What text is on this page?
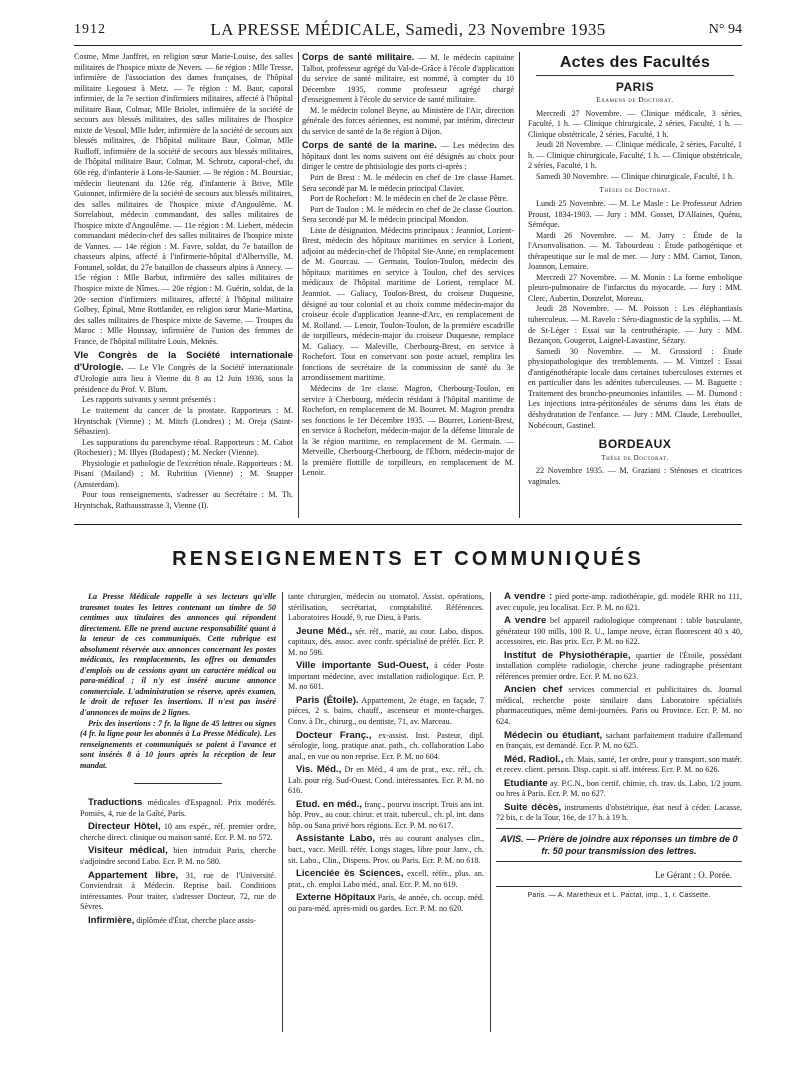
1912	LA PRESSE MÉDICALE, Samedi, 23 Novembre 1935	N° 94

Cosme, Mme Janffret, en religion sœur Marie-Louise, des salles militaires de l'hospice mixte de Nevers. — 6e région : Mlle Tresse, infirmière de l'association des dames françaises, de l'hôpital militaire Legouest à Metz. — 7e région : M. Baur, caporal infirmier, de la 7e section d'infirmiers militaires, affecté à l'hôpital militaire Baur, Colmar, Mlle Briolet, infirmière de la société de secours aux blessés militaires, des salles militaires de l'hospice mixte de Vesoul, Mlle Isder, infirmière de la société de secours aux blessés militaires, de l'hôpital militaire Baur, Colmar, Mlle Rudloff, infirmière de la société de secours aux blessés militaires, de l'hôpital militaire Baur, Colmar, M. Schrotz, caporal-chef, du 60e rég. d'infanterie à Lons-le-Saunier. — 9e région : M. Boursiac, médecin lieutenant du 126e rég. d'infanterie à Brive, Mlle Guionnet, infirmière de la société de secours aux blessés militaires, des salles militaires de l'hospice mixte d'Angoulême. M. Sorrelabout, médecin commandant, des salles militaires de l'hospice mixte d'Angoulême. — 11e région : M. Liebert, médecin commandant médecin-chef des salles militaires de l'hospice mixte de Vannes. — 14e région : M. Favre, soldat, du 7e bataillon de chasseurs alpins, affecté à l'infirmerie-hôpital d'Albertville, M. Fontanel, soldat, du 27e bataillon de chasseurs alpins à Annecy. — 15e région : Mlle Barbut, infirmière des salles militaires de l'hospice mixte de Nîmes. — 20e région : M. Guérin, soldat, de la 20e section d'infirmiers militaires, affecté à l'hôpital militaire Golbey, Épinal, Mme Rottlander, en religion sœur Marie-Martina, des salles militaires de l'hospice mixte de Saverne. — Troupes du Maroc : Mlle Houssay, infirmière de l'union des femmes de France, de l'hôpital militaire Louis, Meknès.

VIe Congrès de la Société internationale d'Urologie. — Le VIe Congrès de la Société internationale d'Urologie aura lieu à Vienne du 8 au 12 Juin 1936, sous la présidence du Prof. V. Blum.

Les rapports suivants y seront présentés :

Le traitement du cancer de la prostate. Rapporteurs : M. Hryntschak (Vienne) ; M. Mitch (Londres) ; M. Oreja (Saint-Sébastien).

Les suppurations du parenchyme rénal. Rapporteurs : M. Cabot (Rochester) ; M. Illyes (Budapest) ; M. Necker (Vienne).

Physiologie et pathologie de l'excrétion rénale. Rapporteurs : M. Pisani (Mailand) ; M. Rubritius (Vienne) ; M. Snapper (Amsterdam).

Pour tous renseignements, s'adresser au Secrétaire : M. Th. Hryntschak, Rathausstrasse 3, Vienne (I).

Corps de santé militaire. — M. le médecin capitaine Talbot, professeur agrégé du Val-de-Grâce à l'école d'application du service de santé militaire, est nommé, à compter du 10 Décembre 1935, comme professeur agrégé chargé d'enseignement à l'école du service de santé militaire.

M. le médecin colonel Beyne, au Ministère de l'Air, direction générale des forces aériennes, est nommé, par intérim, directeur du service de santé de la 8e région à Dijon.

Corps de santé de la marine. — Les médecins des hôpitaux dont les noms suivent ont été désignés au choix pour diriger le centre de phtisiologie des ports ci-après :

Port de Brest : M. le médecin en chef de 1re classe Hamet. Sera secondé par M. le médecin principal Clavier.

Port de Rochefort : M. le médecin en chef de 2e classe Pêtre.

Port de Toulon : M. le médecin en chef de 2e classe Gourion. Sera secondé par M. le médecin principal Mondon.

Liste de désignation. Médecins principaux : Jeanniot, Lorient-Brest, médecin des hôpitaux maritimes en service à Lorient, adjoint au médecin-chef de l'hôpital Ste-Anne, en remplacement de M. Gourcau. — Germain, Toulon-Toulon, médecin des hôpitaux maritimes en service à Toulon, chef des services médicaux de l'hôpital maritime de Lorient, remplace M. Jeanniot. — Galiacy, Toulon-Brest, du croiseur Duquesne, désigné au tour colonial et au choix comme médecin-major du croiseur école d'application Jeanne-d'Arc, en remplacement de M. Rolland. — Lenoir, Toulon-Toulon, de la première escadrille de torpilleurs, médecin-major du croiseur Duquesne, remplace M. Galiacy. — Maleville, Cherbourg-Brest, en service à Rochefort. Tout en conservant son poste actuel, remplira les fonctions de secrétaire de la commission de santé du 3e arrondissement maritime.

Médecins de 1re classe. Magron, Cherbourg-Toulon, en service à Cherbourg, médecin résidant à l'hôpital maritime de Rochefort, en remplacement de M. Bourret. M. Magron prendra ses fonctions le 1er Décembre 1935. — Bourret, Lorient-Brest, en service à Rochefort, médecin-major de la défense littorale de la 3e région maritime, en remplacement de M. Germain. — Merveille, Cherbourg-Cherbourg, de l'Éborn, médecin-major de la première flottille de torpilleurs, en remplacement de M. Lenoir.

Actes des Facultés
PARIS
Examens de Doctorat.

Mercredi 27 Novembre. — Clinique médicale, 3 séries, Faculté, 1 h. — Clinique chirurgicale, 2 séries, Faculté, 1 h. — Clinique obstétricale, 2 séries, Faculté, 1 h.

Jeudi 28 Novembre. — Clinique médicale, 2 séries, Faculté, 1 h. — Clinique chirurgicale, Faculté, 1 h. — Clinique obstétricale, 2 séries, Faculté, 1 h.

Samedi 30 Novembre. — Clinique chirurgicale, Faculté, 1 h.

Thèses de Doctorat.

Lundi 25 Novembre. — M. Le Masle : Le Professeur Adrien Proust, 1834-1903. — Jury : MM. Gosset, D'Allaines, Quénu, Séméque.

Mardi 26 Novembre. — M. Jarry : Étude de la l'Arsonvalisation. — M. Tabourdeau : Étude pathogénique et thérapeutique sur le mal de mer. — Jury : MM. Carnot, Tanon, Joannon, Lemaire.

Mercredi 27 Novembre. — M. Monin : La forme embolique pleuro-pulmonaire de l'infarctus du myocarde. — Jury : MM. Clerc, Aubertin, Donzelot, Moreau.

Jeudi 28 Novembre. — M. Poisson : Les éléphantiasis tuberculeux. — M. Ravelo : Séro-diagnostic de la syphilis. — M. de St-Léger : Essai sur la centrothérapie. — Jury : MM. Bezançon, Gougerot, Laignel-Lavastine, Sézary.

Samedi 30 Novembre. — M. Grossiord : Étude physiopathologique des tremblements. — M. Vintzel : Essai d'antigénothérapie locale dans certaines tuberculoses externes et en particulier dans les adénites tuberculeuses. — M. Baguette : Traitement des broncho-pneumonies infantiles. — M. Dumond : Les injections intra-péritonéales de sérums dans les états de déshydratation de l'enfance. — Jury : MM. Claude, Lereboullet, Nobécourt, Gastinel.

BORDEAUX
Thèse de Doctorat.

22 Novembre 1935. — M. Graziani : Sténoses et cicatrices vaginales.

RENSEIGNEMENTS ET COMMUNIQUÉS

La Presse Médicale rappelle à ses lecteurs qu'elle transmet toutes les lettres contenant un timbre de 50 centimes aux titulaires des annonces qui répondent directement. Elle ne prend aucune responsabilité quant à la teneur de ces communiqués. Cette rubrique est absolument réservée aux annonces concernant les postes médicaux, les remplacements, les offres ou demandes d'emplois ou de cessions ayant un caractère médical ou para-médical ; il n'y est inséré aucune annonce commerciale. L'administration se réserve, après examen, le droit de refuser les insertions. Il n'est pas inséré d'annonces de moins de 2 lignes.

Prix des insertions : 7 fr. la ligne de 45 lettres ou signes (4 fr. la ligne pour les abonnés à La Presse Médicale). Les renseignements et communiqués se paient à l'avance et sont insérés 8 à 10 jours après la réception de leur mandat.

Traductions médicales d'Espagnol. Prix modérés. Pomiès, 4, rue de la Gaîté, Paris.

Directeur Hôtel, 10 ans expér., réf. premier ordre, cherche direct. clinique ou maison santé. Ecr. P. M. no 572.

Visiteur médical, bien introduit Paris, cherche s'adjoindre second Labo. Ecr. P. M. no 580.

Appartement libre, 31, rue de l'Université. Conviendrait à Médecin. Reprise bail. Conditions intéressantes. Pour traiter, s'adresser Docteur, 72, rue de Sèvres.

Infirmière, diplômée d'État, cherche place assis-

tante chirurgien, médecin ou stomatol. Assist. opérations, stérilisation, secrétariat, comptabilité. Références. Laboratoires Houdé, 9, rue Dieu, à Paris.

Jeune Méd., sér. réf., marié, au cour. Labo, dispos. capitaux, dés. assoc. avec confr. spécialisé de préfér. Ecr. P. M. no 596.

Ville importante Sud-Ouest, à céder Poste important médecine, avec installation radiologique. Ecr. P. M. no 601.

Paris (Étoile). Appartement, 2e étage, en façade, 7 pièces, 2 s. bains, chauff., ascenseur et monte-charges. Conv. à Dr., chirurg., ou dentiste, 71, av. Marceau.

Docteur Franç., ex-assist. Inst. Pasteur, dipl. sérologie, long. pratique anat. path., ch. collaboration Labo anal., en vue ou non reprise. Ecr. P. M. no 604.

Vis. Méd., Dr en Méd., 4 ans de prat., exc. réf., ch. Lab. pour rég. Sud-Ouest. Cond. intéressantes. Ecr. P. M. no 616.

Etud. en méd., franç., pourvu inscript. Trois ans int. hôp. Prov., au cour. chirur. et trait. tubercul., ch. pl. int. dans hôp. ou Sana privé hors régions. Ecr. P. M. no 617.

Assistante Labo, très au courant analyses clin., bact., vacc. Meill. référ. Longs stages, libre pour Janv., ch. sit. Labo., Clin., Dispens. Prov. ou Paris. Ecr. P. M. no 618.

Licenciée ès Sciences, excell. référ., plus. an. prat., ch. emploi Labo méd., anal. Ecr. P. M. no 619.

Externe Hôpitaux Paris, 4e année, ch. occup. méd. ou para-méd. après-midi ou gardes. Ecr. P. M. no 620.

A vendre : pied porte-amp. radiothérapie, gd. modèle RHR no 111, avec cupule, jeu localisat. Ecr. P. M. no 621.

A vendre bel appareil radiologique comprenant : table basculante, générateur 100 mills, 100 R. U., lampe neuve, écran fluorescent 40 x 40, accessoires, etc. Bas prix. Ecr. P. M. no 622.

Institut de Physiothérapie, quartier de l'Étoile, possédant installation complète radiologie, cherche jeune radiographe présentant références premier ordre. Ecr. P. M. no 623.

Ancien chef services commercial et publicitaires ds. Journal médical, recherche poste similaire dans Laboratoire spécialités pharmaceutiques, même demi-journées. Paris ou Province. Ecr. P. M. no 624.

Médecin ou étudiant, sachant parfaitement traduire d'allemand en français, est demandé. Ecr. P. M. no 625.

Méd. Radiol., ch. Mais. santé, 1er ordre, pour y transport. son matér. et recev. client. person. Disp. capit. si aff. intéress. Ecr. P. M. no 626.

Etudiante ay. P.C.N., bon certif. chimie, ch. trav. ds. Labo, 1/2 journ. ou hres à Paris. Ecr. P. M. no 627.

Suite décès, instruments d'obstétrique, état neuf à céder. Lacasse, 72 bis, r. de la Tour, 16e, de 17 h. à 19 h.

AVIS. — Prière de joindre aux réponses un timbre de 0 fr. 50 pour transmission des lettres.
Le Gérant : O. Porée.
Paris. — A. Maretheux et L. Pactat, imp., 1, r. Cassette.
